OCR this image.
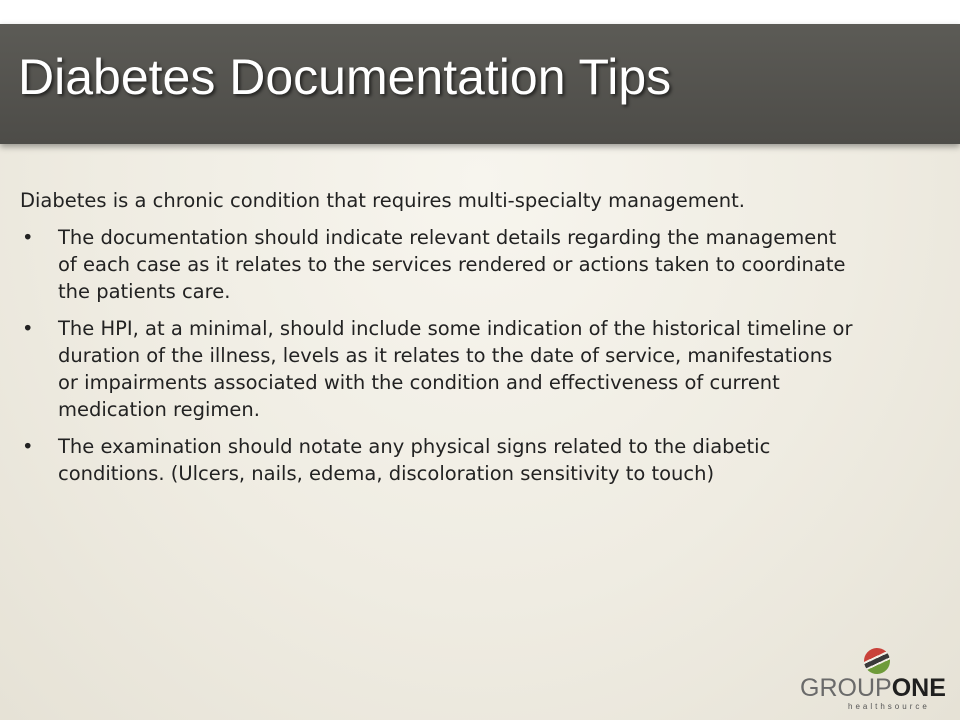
Diabetes Documentation Tips

Diabetes is a chronic condition that requires multi-specialty management.

• The documentation should indicate relevant details regarding the management of each case as it relates to the services rendered or actions taken to coordinate the patients care.
• The HPI, at a minimal, should include some indication of the historical timeline or duration of the illness, levels as it relates to the date of service, manifestations or impairments associated with the condition and effectiveness of current medication regimen.
• The examination should notate any physical signs related to the diabetic conditions. (Ulcers, nails, edema, discoloration sensitivity to touch)
GROUPONE
healthsource
